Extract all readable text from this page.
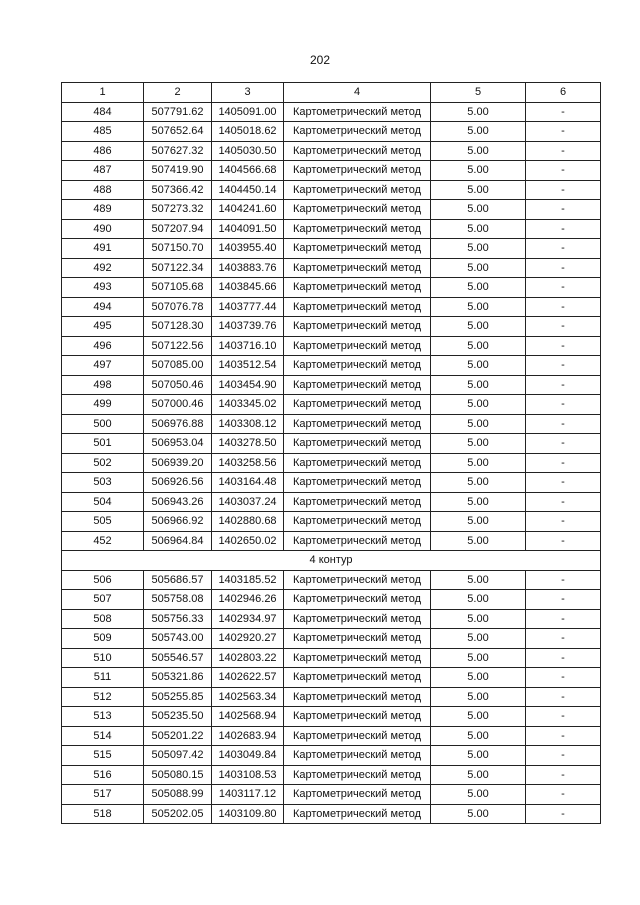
202
1	2	3	4	5	6
484	507791.62	1405091.00	Картометрический метод	5.00	-
485	507652.64	1405018.62	Картометрический метод	5.00	-
486	507627.32	1405030.50	Картометрический метод	5.00	-
487	507419.90	1404566.68	Картометрический метод	5.00	-
488	507366.42	1404450.14	Картометрический метод	5.00	-
489	507273.32	1404241.60	Картометрический метод	5.00	-
490	507207.94	1404091.50	Картометрический метод	5.00	-
491	507150.70	1403955.40	Картометрический метод	5.00	-
492	507122.34	1403883.76	Картометрический метод	5.00	-
493	507105.68	1403845.66	Картометрический метод	5.00	-
494	507076.78	1403777.44	Картометрический метод	5.00	-
495	507128.30	1403739.76	Картометрический метод	5.00	-
496	507122.56	1403716.10	Картометрический метод	5.00	-
497	507085.00	1403512.54	Картометрический метод	5.00	-
498	507050.46	1403454.90	Картометрический метод	5.00	-
499	507000.46	1403345.02	Картометрический метод	5.00	-
500	506976.88	1403308.12	Картометрический метод	5.00	-
501	506953.04	1403278.50	Картометрический метод	5.00	-
502	506939.20	1403258.56	Картометрический метод	5.00	-
503	506926.56	1403164.48	Картометрический метод	5.00	-
504	506943.26	1403037.24	Картометрический метод	5.00	-
505	506966.92	1402880.68	Картометрический метод	5.00	-
452	506964.84	1402650.02	Картометрический метод	5.00	-
4 контур					
506	505686.57	1403185.52	Картометрический метод	5.00	-
507	505758.08	1402946.26	Картометрический метод	5.00	-
508	505756.33	1402934.97	Картометрический метод	5.00	-
509	505743.00	1402920.27	Картометрический метод	5.00	-
510	505546.57	1402803.22	Картометрический метод	5.00	-
511	505321.86	1402622.57	Картометрический метод	5.00	-
512	505255.85	1402563.34	Картометрический метод	5.00	-
513	505235.50	1402568.94	Картометрический метод	5.00	-
514	505201.22	1402683.94	Картометрический метод	5.00	-
515	505097.42	1403049.84	Картометрический метод	5.00	-
516	505080.15	1403108.53	Картометрический метод	5.00	-
517	505088.99	1403117.12	Картометрический метод	5.00	-
518	505202.05	1403109.80	Картометрический метод	5.00	-
